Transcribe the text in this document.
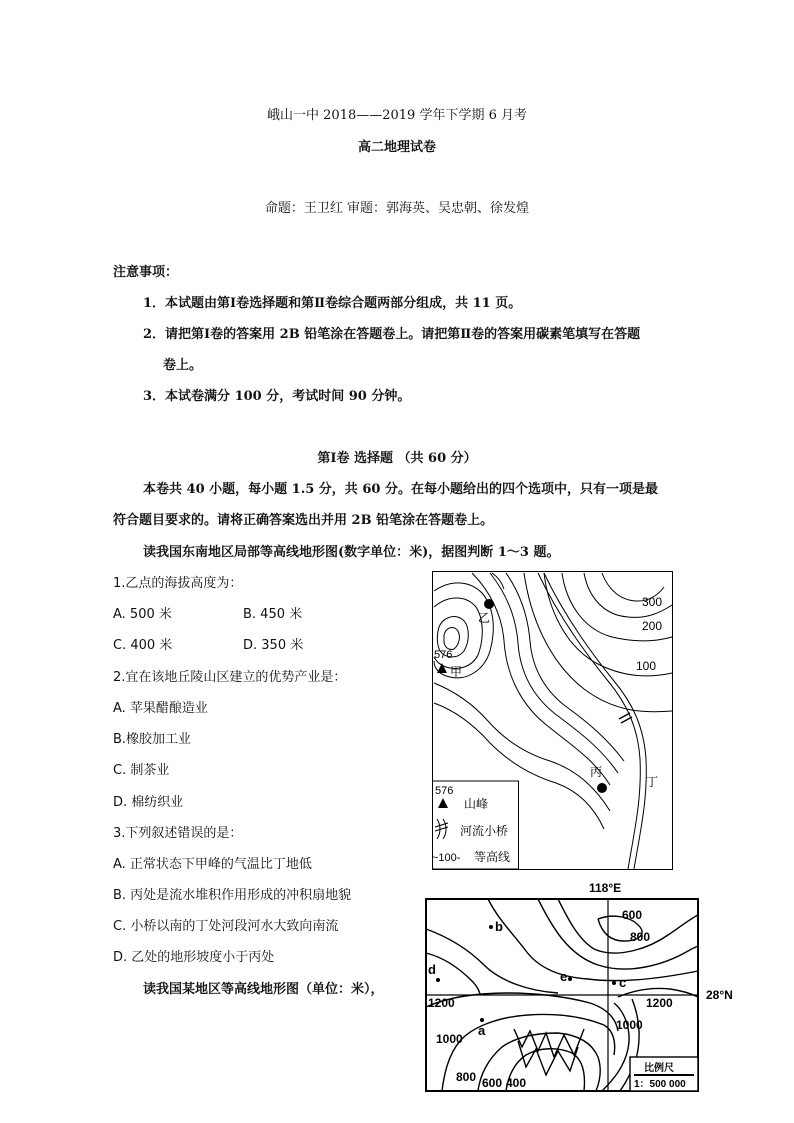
峨山一中 2018——2019 学年下学期 6 月考
高二地理试卷
命题：王卫红 审题：郭海英、吴忠朝、徐发煌
注意事项：
1．本试题由第Ⅰ卷选择题和第Ⅱ卷综合题两部分组成，共 11 页。
2．请把第Ⅰ卷的答案用 2B 铅笔涂在答题卷上。请把第Ⅱ卷的答案用碳素笔填写在答题
卷上。
3．本试卷满分 100 分，考试时间 90 分钟。
第Ⅰ卷 选择题 （共 60 分）
本卷共 40 小题，每小题 1.5 分，共 60 分。在每小题给出的四个选项中，只有一项是最
符合题目要求的。请将正确答案选出并用 2B 铅笔涂在答题卷上。
读我国东南地区局部等高线地形图(数字单位：米)，据图判断 1～3 题。
1.乙点的海拔高度为：
A. 500 米	B. 450 米
C. 400 米	D. 350 米
2.宜在该地丘陵山区建立的优势产业是：
A. 苹果醋酿造业
B.橡胶加工业
C. 制茶业
D. 棉纺织业
3.下列叙述错误的是：
A. 正常状态下甲峰的气温比丁地低
B. 丙处是流水堆积作用形成的冲积扇地貌
C. 小桥以南的丁处河段河水大致向南流
D. 乙处的地形坡度小于丙处
读我国某地区等高线地形图（单位：米），
300
200
100
576
甲
乙
丙
丁
576
山峰
河流小桥
~100- 等高线
118°E
28°N
600
800
1200	1200
1000
1000
800 600 400
b
d	e	c
a
比例尺
1：500 000
